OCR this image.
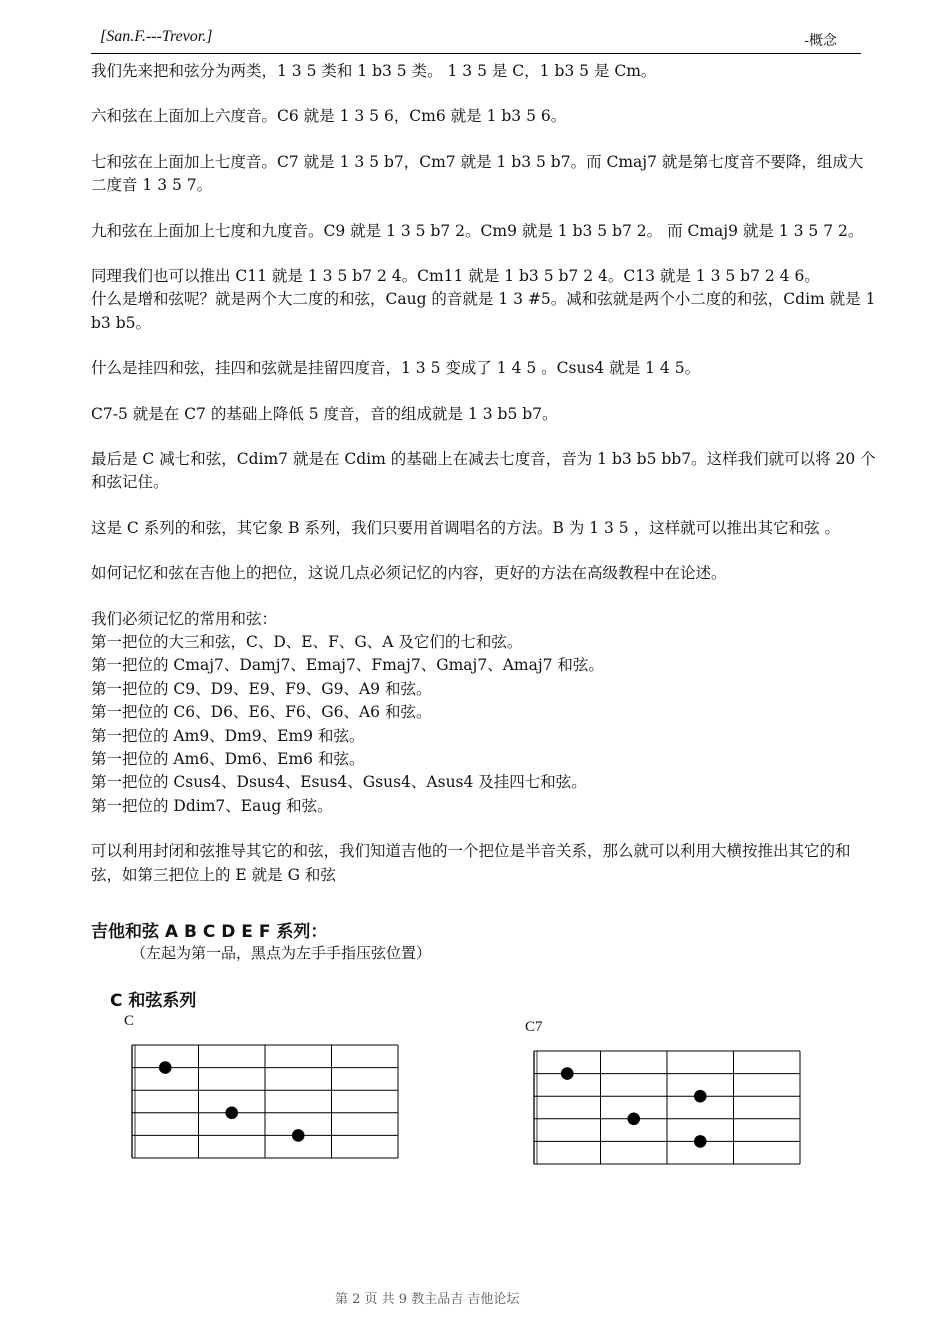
[San.F.---Trevor.]	-概念

我们先来把和弦分为两类，1 3 5 类和 1 b3 5 类。 1 3 5 是 C，1 b3 5 是 Cm。

六和弦在上面加上六度音。C6 就是 1 3 5 6，Cm6 就是 1 b3 5 6。

七和弦在上面加上七度音。C7 就是 1 3 5 b7，Cm7 就是 1 b3 5 b7。而 Cmaj7 就是第七度音不要降，组成大二度音 1 3 5 7。

九和弦在上面加上七度和九度音。C9 就是 1 3 5 b7 2。Cm9 就是 1 b3 5 b7 2。 而 Cmaj9 就是 1 3 5 7 2。

同理我们也可以推出 C11 就是 1 3 5 b7 2 4。Cm11 就是 1 b3 5 b7 2 4。C13 就是 1 3 5 b7 2 4 6。

什么是增和弦呢？就是两个大二度的和弦，Caug 的音就是 1 3 #5。减和弦就是两个小二度的和弦，Cdim 就是 1 b3 b5。

什么是挂四和弦，挂四和弦就是挂留四度音，1 3 5 变成了 1 4 5 。Csus4 就是 1 4 5。

C7-5 就是在 C7 的基础上降低 5 度音，音的组成就是 1 3 b5 b7。

最后是 C 减七和弦，Cdim7 就是在 Cdim 的基础上在减去七度音，音为 1 b3 b5 bb7。这样我们就可以将 20 个和弦记住。

这是 C 系列的和弦，其它象 B 系列，我们只要用首调唱名的方法。B 为 1 3 5 ，这样就可以推出其它和弦 。

如何记忆和弦在吉他上的把位，这说几点必须记忆的内容，更好的方法在高级教程中在论述。

我们必须记忆的常用和弦：
第一把位的大三和弦，C、D、E、F、G、A 及它们的七和弦。
第一把位的 Cmaj7、Damj7、Emaj7、Fmaj7、Gmaj7、Amaj7 和弦。
第一把位的 C9、D9、E9、F9、G9、A9 和弦。
第一把位的 C6、D6、E6、F6、G6、A6 和弦。
第一把位的 Am9、Dm9、Em9 和弦。
第一把位的 Am6、Dm6、Em6 和弦。
第一把位的 Csus4、Dsus4、Esus4、Gsus4、Asus4 及挂四七和弦。
第一把位的 Ddim7、Eaug 和弦。

可以利用封闭和弦推导其它的和弦，我们知道吉他的一个把位是半音关系，那么就可以利用大横按推出其它的和弦，如第三把位上的 E 就是 G 和弦

吉他和弦 A B C D E F 系列：
（左起为第一品，黑点为左手手指压弦位置）
C 和弦系列
C	C7
第 2 页 共 9 教主品吉 吉他论坛
